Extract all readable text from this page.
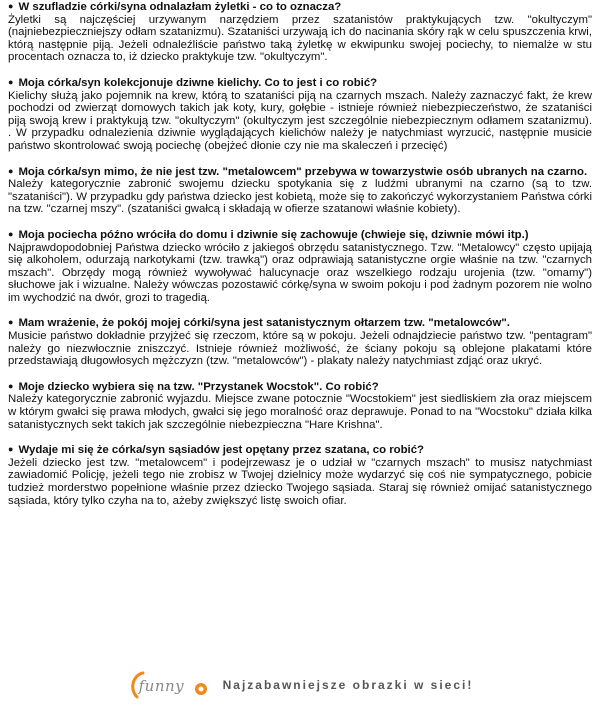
● W szufladzie córki/syna odnalazłam żyletki - co to oznacza?

Żyletki są najczęściej urzywanym narzędziem przez szatanistów praktykujących tzw. "okultyczym" (najniebezpieczniejszy odłam szatanizmu). Szataniści urzywają ich do nacinania skóry rąk w celu spuszczenia krwi, którą następnie piją. Jeżeli odnaleźliście państwo taką żyletkę w ekwipunku swojej pociechy, to niemalże w stu procentach oznacza to, iż dziecko praktykuje tzw. "okultyczym".

● Moja córka/syn kolekcjonuje dziwne kielichy. Co to jest i co robić?

Kielichy służą jako pojemnik na krew, którą to szataniści piją na czarnych mszach. Należy zaznaczyć fakt, że krew pochodzi od zwierząt domowych takich jak koty, kury, gołębie - istnieje również niebezpieczeństwo, że szataniści piją swoją krew i praktykują tzw. "okultyczym" (okultyczym jest szczególnie niebezpiecznym odłamem szatanizmu). . W przypadku odnalezienia dziwnie wyglądających kielichów należy je natychmiast wyrzucić, następnie musicie państwo skontrolować swoją pociechę (obejżeć dłonie czy nie ma skaleczeń i przecięć)

● Moja córka/syn mimo, że nie jest tzw. "metalowcem" przebywa w towarzystwie osób ubranych na czarno.

Należy kategorycznie zabronić swojemu dziecku spotykania się z ludźmi ubranymi na czarno (są to tzw. "szataniści"). W przypadku gdy państwa dziecko jest kobietą, może się to zakończyć wykorzystaniem Państwa córki na tzw. "czarnej mszy". (szataniści gwałcą i składają w ofierze szatanowi właśnie kobiety).

● Moja pociecha późno wróciła do domu i dziwnie się zachowuje (chwieje się, dziwnie mówi itp.)

Najprawdopodobniej Państwa dziecko wróciło z jakiegoś obrzędu satanistycznego. Tzw. "Metalowcy" często upijają się alkoholem, odurzają narkotykami (tzw. trawką") oraz odprawiają satanistyczne orgie właśnie na tzw. "czarnych mszach". Obrzędy mogą również wywoływać halucynacje oraz wszelkiego rodzaju urojenia (tzw. "omamy") słuchowe jak i wizualne. Należy wówczas pozostawić córkę/syna w swoim pokoju i pod żadnym pozorem nie wolno im wychodzić na dwór, grozi to tragedią.

● Mam wrażenie, że pokój mojej córki/syna jest satanistycznym ołtarzem tzw. "metalowców".

Musicie państwo dokładnie przyjżeć się rzeczom, które są w pokoju. Jeżeli odnajdziecie państwo tzw. "pentagram" należy go niezwłocznie zniszczyć. Istnieje również możliwość, że ściany pokoju są oblejone plakatami które przedstawiają długowłosych mężczyzn (tzw. "metalowców") - plakaty należy natychmiast zdjąć oraz ukryć.

● Moje dziecko wybiera się na tzw. "Przystanek Wocstok". Co robić?

Należy kategorycznie zabronić wyjazdu. Miejsce zwane potocznie "Wocstokiem" jest siedliskiem zła oraz miejscem w którym gwałci się prawa młodych, gwałci się jego moralność oraz deprawuje. Ponad to na "Wocstoku" działa kilka satanistycznych sekt takich jak szczególnie niebezpieczna "Hare Krishna".

● Wydaje mi się że córka/syn sąsiadów jest opętany przez szatana, co robić?

Jeżeli dziecko jest tzw. "metalowcem" i podejrzewasz je o udział w "czarnych mszach" to musisz natychmiast zawiadomić Policję, jeżeli tego nie zrobisz w Twojej dzielnicy może wydarzyć się coś nie sympatycznego, pobicie tudzież morderstwo popełnione właśnie przez dziecko Twojego sąsiada. Staraj się również omijać satanistycznego sąsiada, który tylko czyha na to, ażeby zwiększyć listę swoich ofiar.

funny	Najzabawniejsze obrazki w sieci!
